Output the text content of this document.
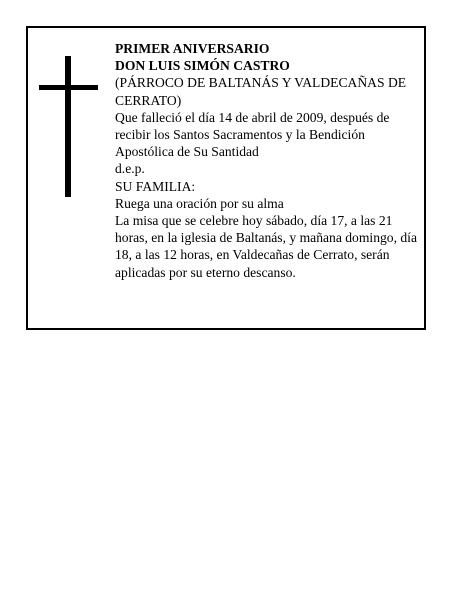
PRIMER ANIVERSARIO
DON LUIS SIMÓN CASTRO
(PÁRROCO DE BALTANÁS Y VALDECAÑAS DE CERRATO)
Que falleció el día 14 de abril de 2009, después de recibir los Santos Sacramentos y la Bendición Apostólica de Su Santidad
d.e.p.
SU FAMILIA:
Ruega una oración por su alma
La misa que se celebre hoy sábado, día 17, a las 21 horas, en la iglesia de Baltanás, y mañana domingo, día 18, a las 12 horas, en Valdecañas de Cerrato, serán aplicadas por su eterno descanso.
